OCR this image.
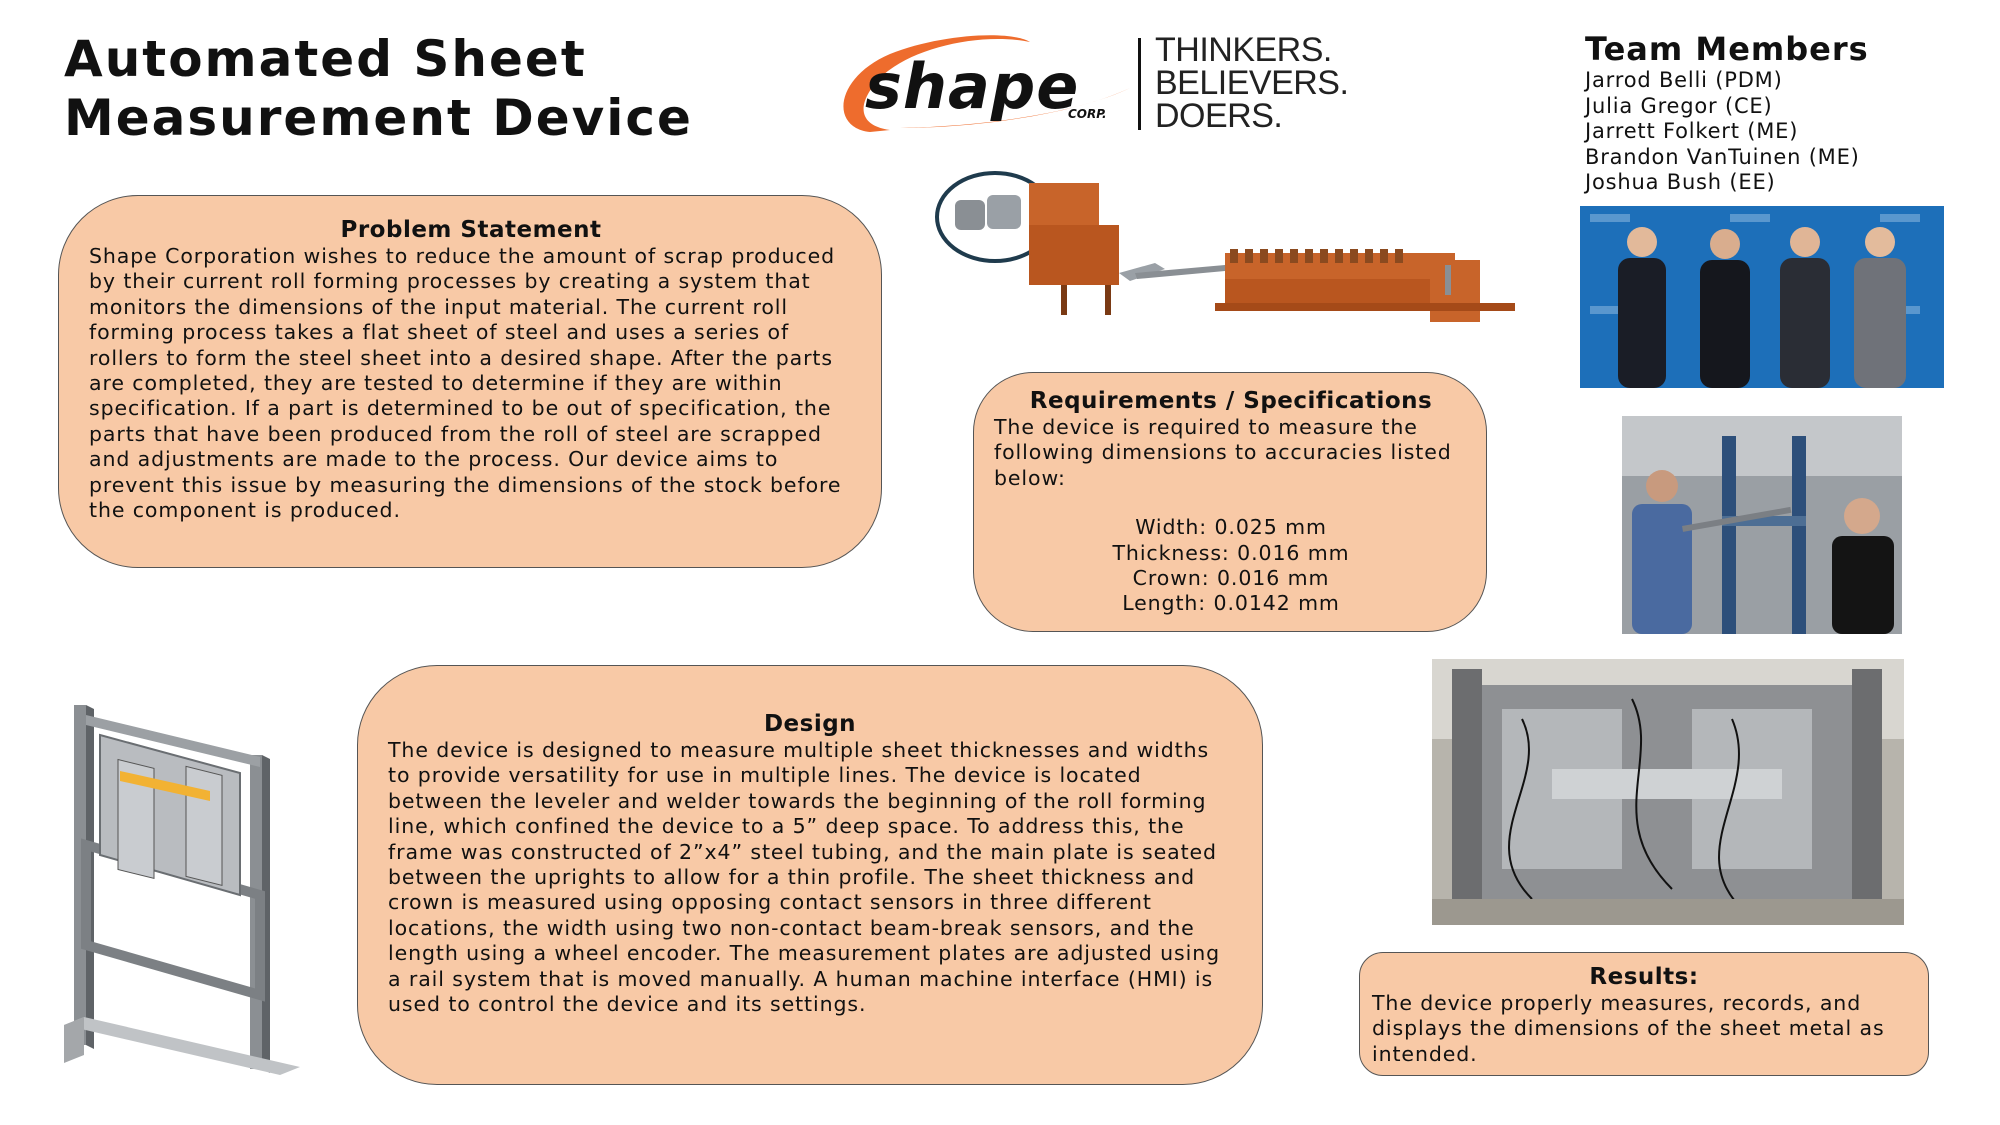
Automated Sheet
Measurement Device	shape
CORP.
THINKERS.
BELIEVERS.
DOERS.
Team Members
Jarrod Belli (PDM)
Julia Gregor (CE)
Jarrett Folkert (ME)
Brandon VanTuinen (ME)
Joshua Bush (EE)
Problem Statement

Shape Corporation wishes to reduce the amount of scrap produced by their current roll forming processes by creating a system that monitors the dimensions of the input material. The current roll forming process takes a flat sheet of steel and uses a series of rollers to form the steel sheet into a desired shape. After the parts are completed, they are tested to determine if they are within specification. If a part is determined to be out of specification, the parts that have been produced from the roll of steel are scrapped and adjustments are made to the process. Our device aims to prevent this issue by measuring the dimensions of the stock before the component is produced.

Requirements / Specifications

The device is required to measure the following dimensions to accuracies listed below:

Width: 0.025 mm
Thickness: 0.016 mm
Crown: 0.016 mm
Length: 0.0142 mm

Design

The device is designed to measure multiple sheet thicknesses and widths to provide versatility for use in multiple lines. The device is located between the leveler and welder towards the beginning of the roll forming line, which confined the device to a 5” deep space. To address this, the frame was constructed of 2”x4” steel tubing, and the main plate is seated between the uprights to allow for a thin profile. The sheet thickness and crown is measured using opposing contact sensors in three different locations, the width using two non-contact beam-break sensors, and the length using a wheel encoder. The measurement plates are adjusted using a rail system that is moved manually. A human machine interface (HMI) is used to control the device and its settings.

Results:

The device properly measures, records, and displays the dimensions of the sheet metal as intended.
